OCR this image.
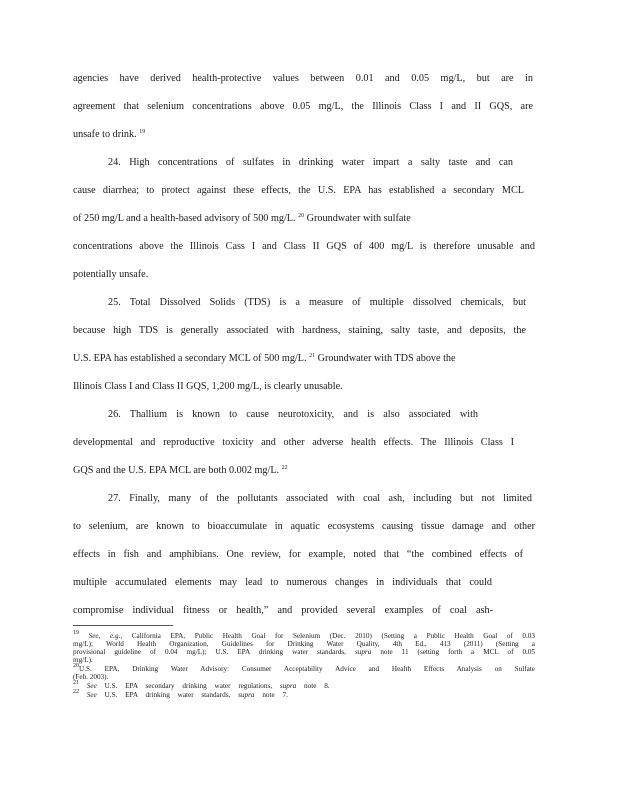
agencies have derived health-protective values between 0.01 and 0.05 mg/L, but are in
agreement that selenium concentrations above 0.05 mg/L, the Illinois Class I and II GQS, are
unsafe to drink. $^{19}$
24. High concentrations of sulfates in drinking water impart a salty taste and can
cause diarrhea; to protect against these effects, the U.S. EPA has established a secondary MCL
of 250 mg/L and a health-based advisory of 500 mg/L. $^{20}$ Groundwater with sulfate
concentrations above the Illinois Cass I and Class II GQS of 400 mg/L is therefore unusable and
potentially unsafe.
25. Total Dissolved Solids (TDS) is a measure of multiple dissolved chemicals, but
because high TDS is generally associated with hardness, staining, salty taste, and deposits, the
U.S. EPA has established a secondary MCL of 500 mg/L. $^{21}$ Groundwater with TDS above the
Illinois Class I and Class II GQS, 1,200 mg/L, is clearly unusable.
26. Thallium is known to cause neurotoxicity, and is also associated with
developmental and reproductive toxicity and other adverse health effects. The Illinois Class I
GQS and the U.S. EPA MCL are both 0.002 mg/L. $^{22}$
27. Finally, many of the pollutants associated with coal ash, including but not limited
to selenium, are known to bioaccumulate in aquatic ecosystems causing tissue damage and other
effects in fish and amphibians. One review, for example, noted that “the combined effects of
multiple accumulated elements may lead to numerous changes in individuals that could
compromise individual fitness or health,” and provided several examples of coal ash-
$^{19}$ See, e.g., California EPA, Public Health Goal for Selenium (Dec. 2010) (Setting a Public Health Goal of 0.03
mg/L); World Health Organization, Guidelines for Drinking Water Quality, 4th Ed., 413 (2011) (Setting a
provisional guideline of 0.04 mg/L); U.S. EPA drinking water standards, supra note 11 (setting forth a MCL of 0.05
mg/L).
$^{20}$U.S. EPA, Drinking Water Advisory: Consumer Acceptability Advice and Health Effects Analysis on Sulfate
(Feb. 2003).
$^{21}$ See U.S. EPA secondary drinking water regulations, supra note 8.
$^{22}$ See U.S. EPA drinking water standards, supra note 7.
